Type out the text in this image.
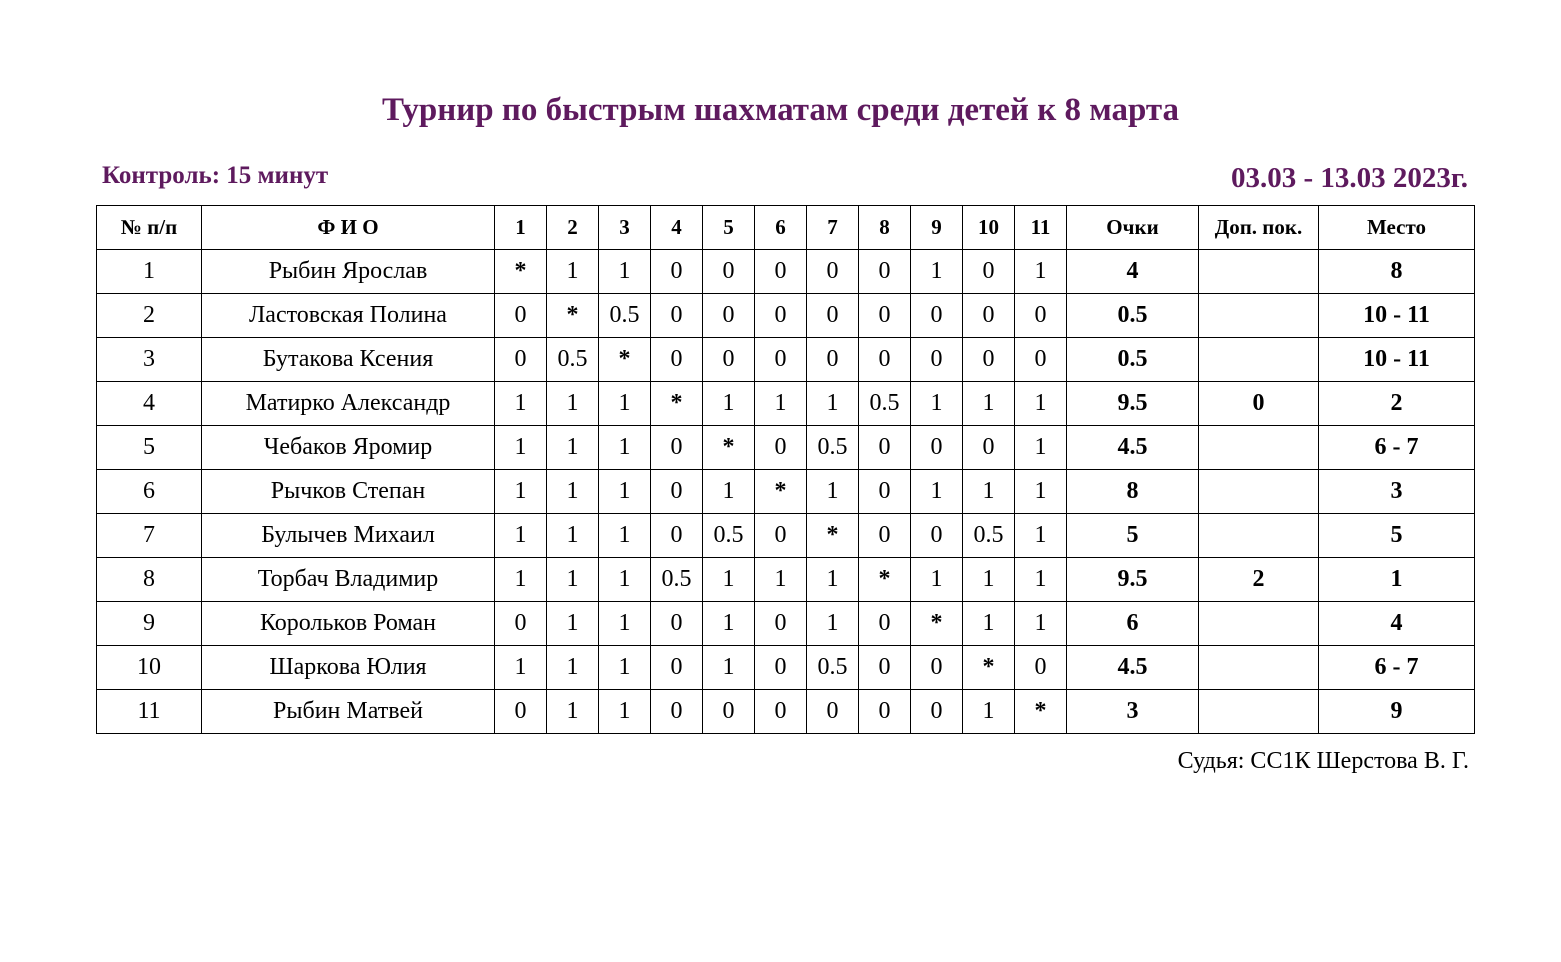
Турнир по быстрым шахматам среди детей к 8 марта
Контроль: 15 минут	03.03 - 13.03 2023г.
№ п/п	Ф И О	1	2	3	4	5	6	7	8	9	10	11	Очки	Доп. пок.	Место
1	Рыбин Ярослав	*	1	1	0	0	0	0	0	1	0	1	4		8
2	Ластовская Полина	0	*	0.5	0	0	0	0	0	0	0	0	0.5		10 - 11
3	Бутакова Ксения	0	0.5	*	0	0	0	0	0	0	0	0	0.5		10 - 11
4	Матирко Александр	1	1	1	*	1	1	1	0.5	1	1	1	9.5	0	2
5	Чебаков Яромир	1	1	1	0	*	0	0.5	0	0	0	1	4.5		6 - 7
6	Рычков Степан	1	1	1	0	1	*	1	0	1	1	1	8		3
7	Булычев Михаил	1	1	1	0	0.5	0	*	0	0	0.5	1	5		5
8	Торбач Владимир	1	1	1	0.5	1	1	1	*	1	1	1	9.5	2	1
9	Корольков Роман	0	1	1	0	1	0	1	0	*	1	1	6		4
10	Шаркова Юлия	1	1	1	0	1	0	0.5	0	0	*	0	4.5		6 - 7
11	Рыбин Матвей	0	1	1	0	0	0	0	0	0	1	*	3		9
Судья: СС1К Шерстова В. Г.
